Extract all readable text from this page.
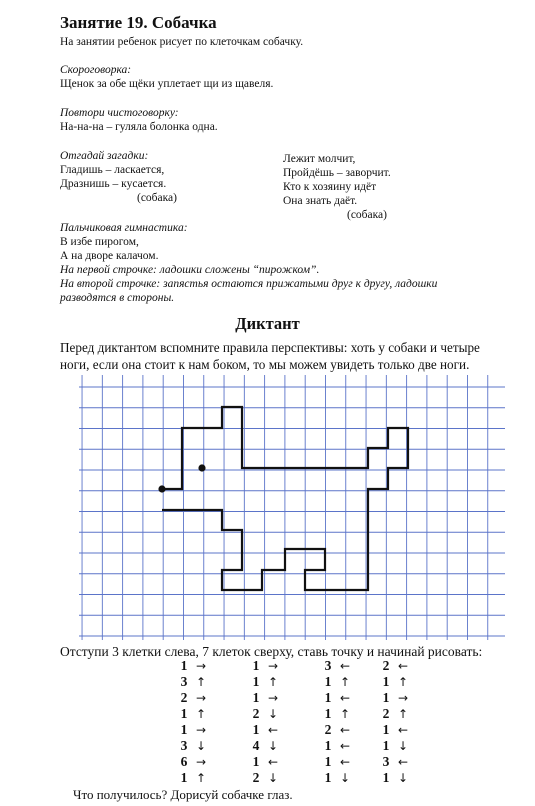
Занятие 19. Собачка
На занятии ребенок рисует по клеточкам собачку.
Скороговорка:
Щенок за обе щёки уплетает щи из щавеля.
Повтори чистоговорку:
На-на-на – гуляла болонка одна.
Отгадай загадки:
Гладишь – ласкается,
Дразнишь – кусается.
(собака)
Лежит молчит,
Пройдёшь – заворчит.
Кто к хозяину идёт
Она знать даёт.
(собака)
Пальчиковая гимнастика:
В избе пирогом,
А на дворе калачом.
На первой строчке: ладошки сложены “пирожком”.
На второй строчке: запястья остаются прижатыми друг к другу, ладошки
разводятся в стороны.
Диктант
Перед диктантом вспомните правила перспективы: хоть у собаки и четыре ноги, если она стоит к нам боком, то мы можем увидеть только две ноги.
Отступи 3 клетки слева, 7 клеток сверху, ставь точку и начинай рисовать:
1 →
3 ↑
2 →
1 ↑
1 →
3 ↓
6 →
1 ↑
1 →
1 ↑
1 →
2 ↓
1 ←
4 ↓
1 ←
2 ↓
3 ←
1 ↑
1 ←
1 ↑
2 ←
1 ←
1 ←
1 ↓
2 ←
1 ↑
1 →
2 ↑
1 ←
1 ↓
3 ←
1 ↓
Что получилось? Дорисуй собачке глаз.
